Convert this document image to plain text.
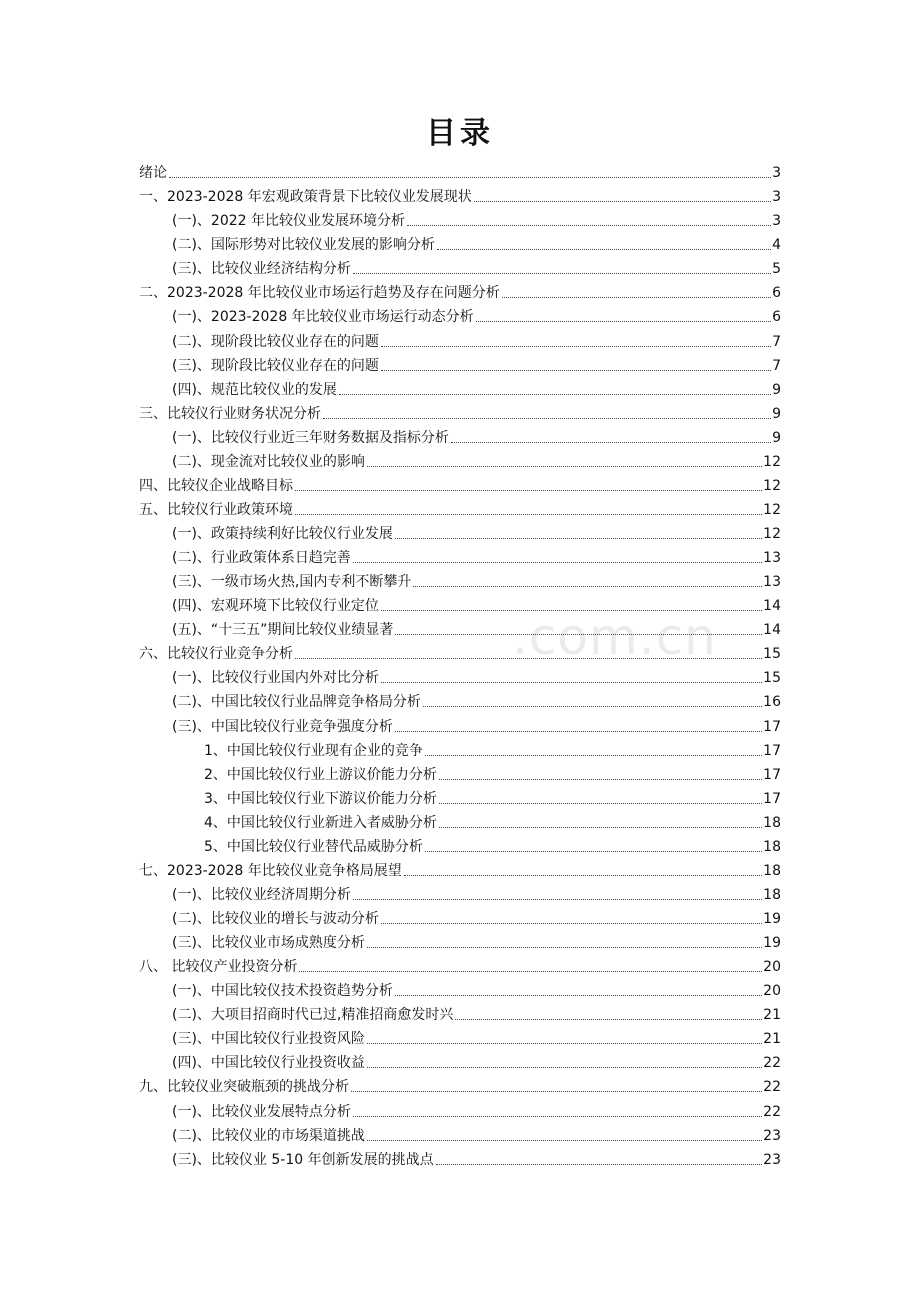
目录
.com.cn
绪论	3
一、2023-2028 年宏观政策背景下比较仪业发展现状	3
(一)、2022 年比较仪业发展环境分析	3
(二)、国际形势对比较仪业发展的影响分析	4
(三)、比较仪业经济结构分析	5
二、2023-2028 年比较仪业市场运行趋势及存在问题分析	6
(一)、2023-2028 年比较仪业市场运行动态分析	6
(二)、现阶段比较仪业存在的问题	7
(三)、现阶段比较仪业存在的问题	7
(四)、规范比较仪业的发展	9
三、比较仪行业财务状况分析	9
(一)、比较仪行业近三年财务数据及指标分析	9
(二)、现金流对比较仪业的影响	12
四、比较仪企业战略目标	12
五、比较仪行业政策环境	12
(一)、政策持续利好比较仪行业发展	12
(二)、行业政策体系日趋完善	13
(三)、一级市场火热,国内专利不断攀升	13
(四)、宏观环境下比较仪行业定位	14
(五)、“十三五”期间比较仪业绩显著	14
六、比较仪行业竞争分析	15
(一)、比较仪行业国内外对比分析	15
(二)、中国比较仪行业品牌竞争格局分析	16
(三)、中国比较仪行业竞争强度分析	17
1、中国比较仪行业现有企业的竞争	17
2、中国比较仪行业上游议价能力分析	17
3、中国比较仪行业下游议价能力分析	17
4、中国比较仪行业新进入者威胁分析	18
5、中国比较仪行业替代品威胁分析	18
七、2023-2028 年比较仪业竞争格局展望	18
(一)、比较仪业经济周期分析	18
(二)、比较仪业的增长与波动分析	19
(三)、比较仪业市场成熟度分析	19
八、 比较仪产业投资分析	20
(一)、中国比较仪技术投资趋势分析	20
(二)、大项目招商时代已过,精准招商愈发时兴	21
(三)、中国比较仪行业投资风险	21
(四)、中国比较仪行业投资收益	22
九、比较仪业突破瓶颈的挑战分析	22
(一)、比较仪业发展特点分析	22
(二)、比较仪业的市场渠道挑战	23
(三)、比较仪业 5-10 年创新发展的挑战点	23
